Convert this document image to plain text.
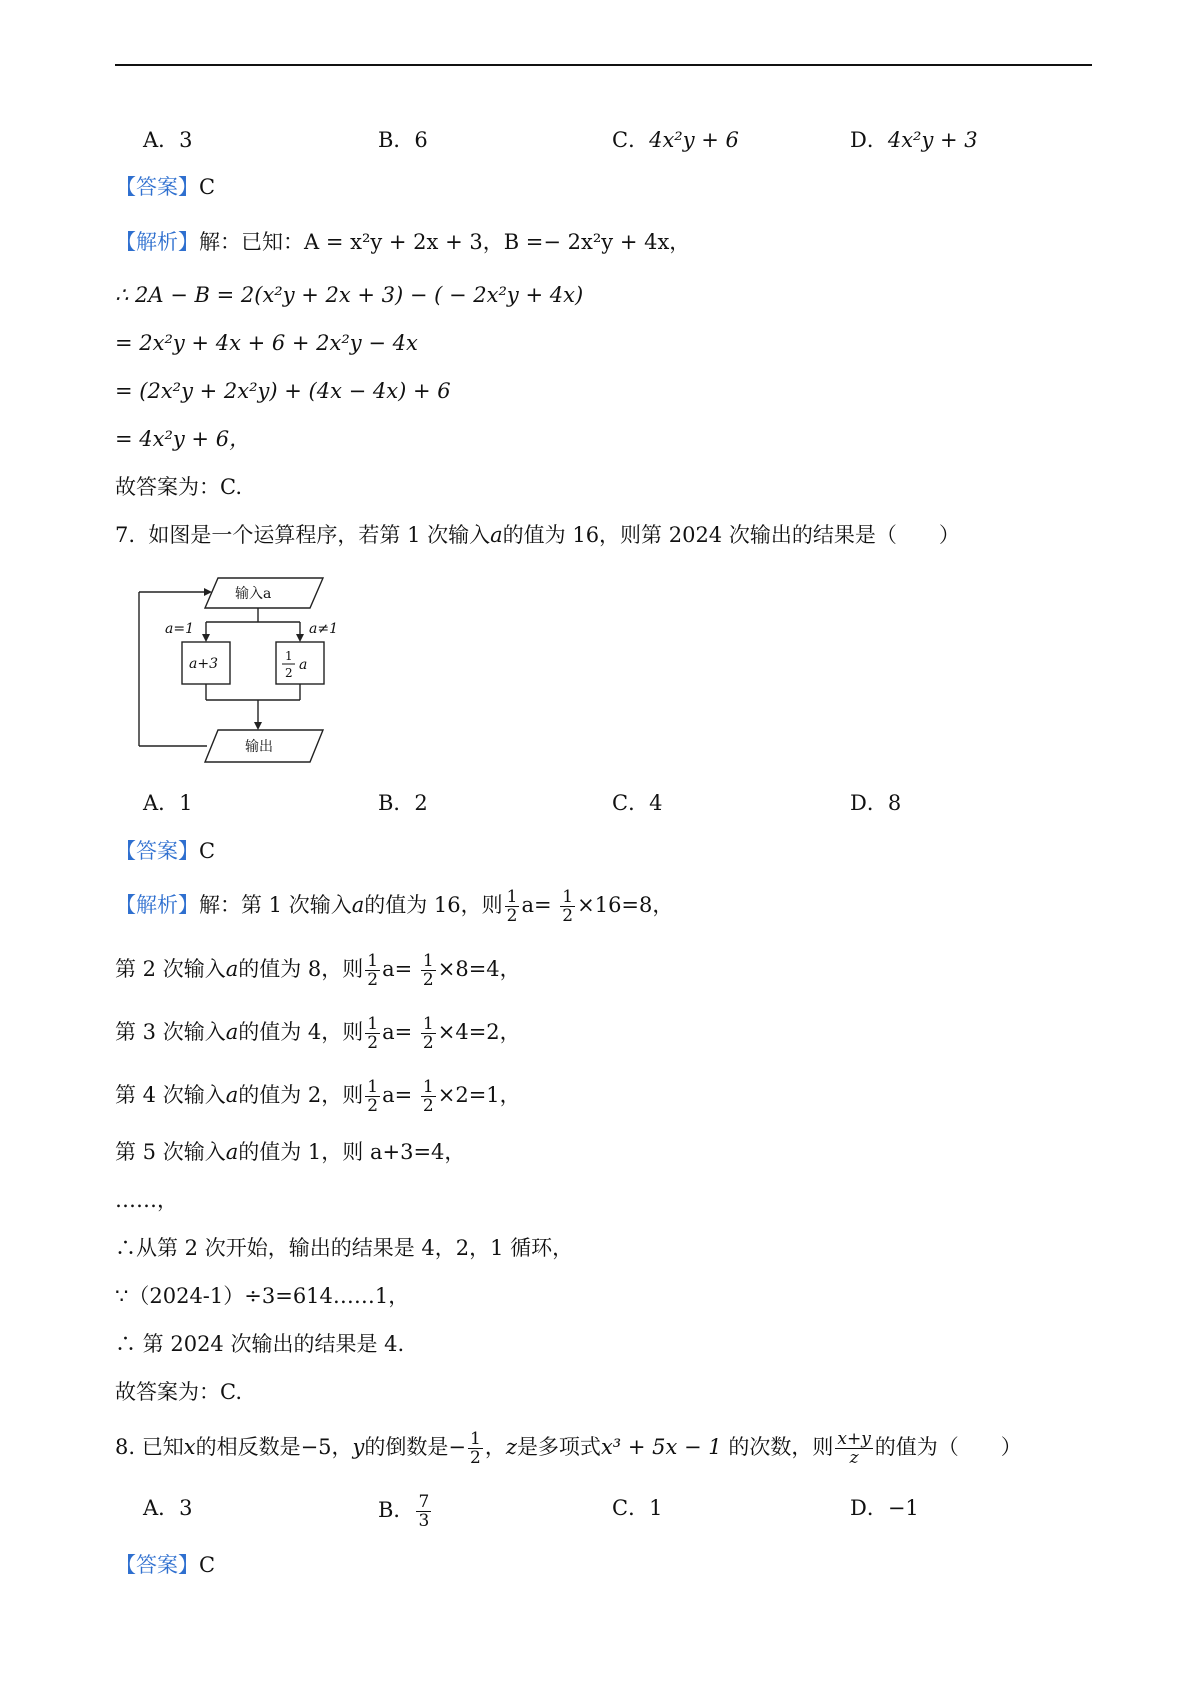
A．3	B．6	C．4x²y + 6	D．4x²y + 3
【答案】C
【解析】解：已知：A = x²y + 2x + 3，B =− 2x²y + 4x，
∴ 2A − B = 2(x²y + 2x + 3) − ( − 2x²y + 4x)
= 2x²y + 4x + 6 + 2x²y − 4x
= (2x²y + 2x²y) + (4x − 4x) + 6
= 4x²y + 6，
故答案为：C.
7. 如图是一个运算程序，若第 1 次输入a的值为 16，则第 2024 次输出的结果是（　　）
输入a
a=1	a≠1
a+3	1
2 a
输出
A．1	B．2	C．4	D．8
【答案】C
【解析】解：第 1 次输入a的值为 16，则 $\frac{1}{2} a= \frac{1}{2} \times 16=8$，
第 2 次输入a的值为 8，则 $\frac{1}{2} a= \frac{1}{2} \times 8=4$，
第 3 次输入a的值为 4，则 $\frac{1}{2} a= \frac{1}{2} \times 4=2$，
第 4 次输入a的值为 2，则 $\frac{1}{2} a= \frac{1}{2} \times 2=1$，
第 5 次输入a的值为 1，则 a+3=4，
……，
∴从第 2 次开始，输出的结果是 4，2，1 循环，
∵（2024-1）÷3=614……1，
∴ 第 2024 次输出的结果是 4.
故答案为：C.
8. 已知x的相反数是−5，y的倒数是− $\frac{1}{2}$ ，z是多项式x³ + 5x − 1 的次数，则 $\frac{x+y}{z}$ 的值为（　　）
A．3	B． $\frac{7}{3}$	C．1	D．−1
【答案】C
